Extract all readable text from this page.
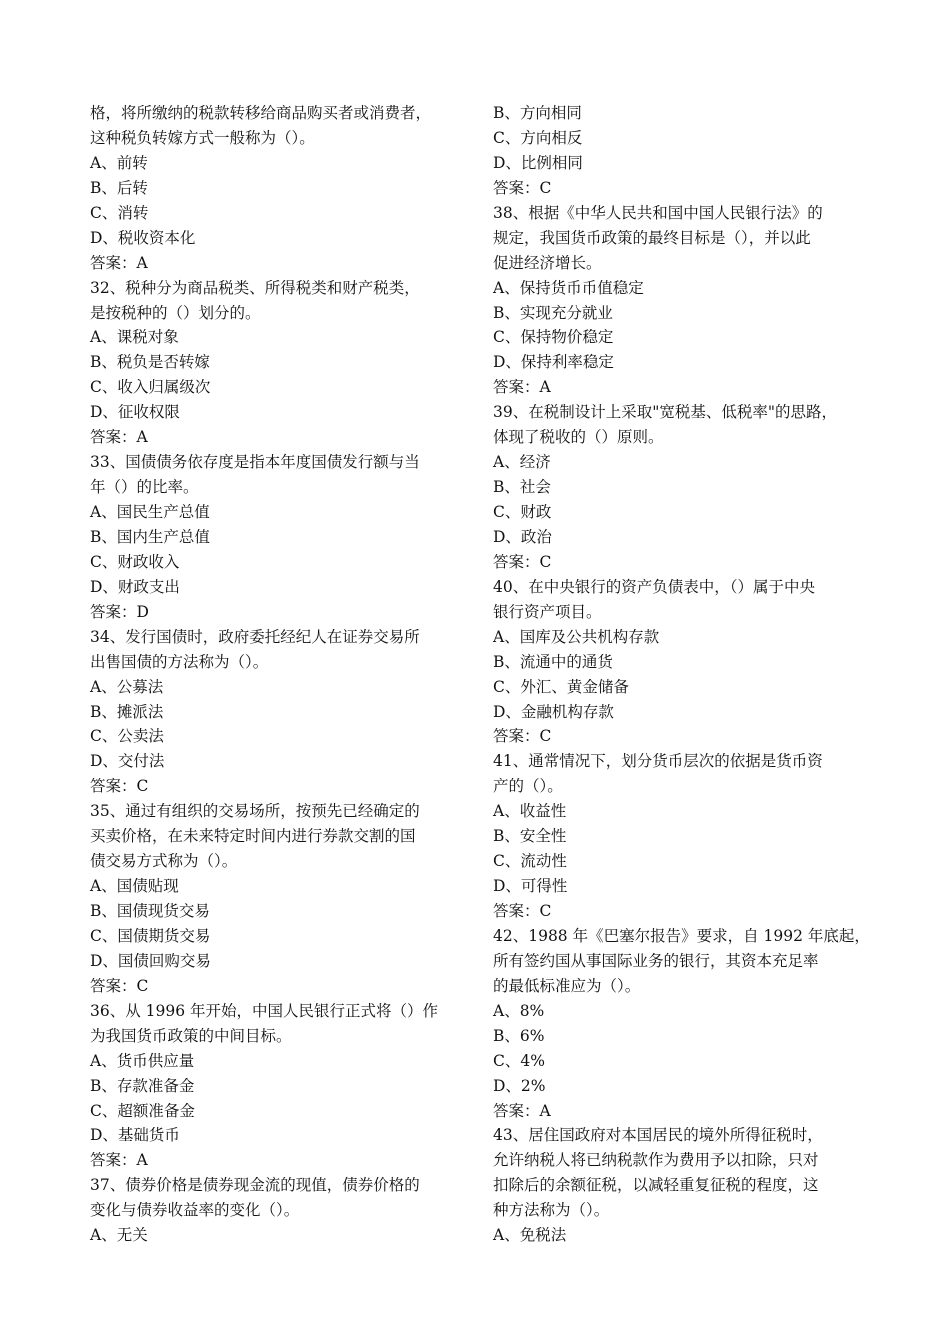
格，将所缴纳的税款转移给商品购买者或消费者，
这种税负转嫁方式一般称为（）。
A、前转
B、后转
C、消转
D、税收资本化
答案：A
32、税种分为商品税类、所得税类和财产税类，
是按税种的（）划分的。
A、课税对象
B、税负是否转嫁
C、收入归属级次
D、征收权限
答案：A
33、国债债务依存度是指本年度国债发行额与当
年（）的比率。
A、国民生产总值
B、国内生产总值
C、财政收入
D、财政支出
答案：D
34、发行国债时，政府委托经纪人在证券交易所
出售国债的方法称为（）。
A、公募法
B、摊派法
C、公卖法
D、交付法
答案：C
35、通过有组织的交易场所，按预先已经确定的
买卖价格，在未来特定时间内进行券款交割的国
债交易方式称为（）。
A、国债贴现
B、国债现货交易
C、国债期货交易
D、国债回购交易
答案：C
36、从 1996 年开始，中国人民银行正式将（）作
为我国货币政策的中间目标。
A、货币供应量
B、存款准备金
C、超额准备金
D、基础货币
答案：A
37、债券价格是债券现金流的现值，债券价格的
变化与债券收益率的变化（）。
A、无关
B、方向相同
C、方向相反
D、比例相同
答案：C
38、根据《中华人民共和国中国人民银行法》的
规定，我国货币政策的最终目标是（），并以此
促进经济增长。
A、保持货币币值稳定
B、实现充分就业
C、保持物价稳定
D、保持利率稳定
答案：A
39、在税制设计上采取"宽税基、低税率"的思路，
体现了税收的（）原则。
A、经济
B、社会
C、财政
D、政治
答案：C
40、在中央银行的资产负债表中，（）属于中央
银行资产项目。
A、国库及公共机构存款
B、流通中的通货
C、外汇、黄金储备
D、金融机构存款
答案：C
41、通常情况下，划分货币层次的依据是货币资
产的（）。
A、收益性
B、安全性
C、流动性
D、可得性
答案：C
42、1988 年《巴塞尔报告》要求，自 1992 年底起，
所有签约国从事国际业务的银行，其资本充足率
的最低标准应为（）。
A、8%
B、6%
C、4%
D、2%
答案：A
43、居住国政府对本国居民的境外所得征税时，
允许纳税人将已纳税款作为费用予以扣除，只对
扣除后的余额征税，以减轻重复征税的程度，这
种方法称为（）。
A、免税法
